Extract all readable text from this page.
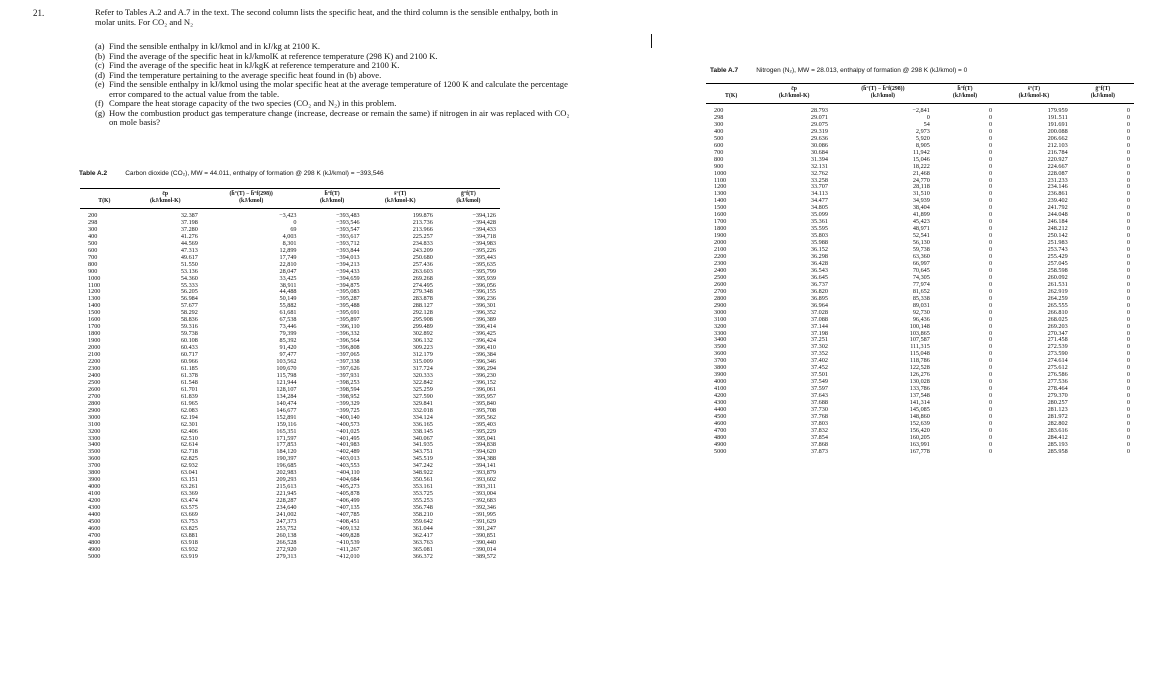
21.	Refer to Tables A.2 and A.7 in the text. The second column lists the specific heat, and the third column is the sensible enthalpy, both in molar units. For CO₂ and N₂
(a) Find the sensible enthalpy in kJ/kmol and in kJ/kg at 2100 K.
(b) Find the average of the specific heat in kJ/kmolK at reference temperature (298 K) and 2100 K.
(c) Find the average of the specific heat in kJ/kgK at reference temperature and 2100 K.
(d) Find the temperature pertaining to the average specific heat found in (b) above.
(e) Find the sensible enthalpy in kJ/kmol using the molar specific heat at the average temperature of 1200 K and calculate the percentage error compared to the actual value from the table.
(f) Compare the heat storage capacity of the two species (CO₂ and N₂) in this problem.
(g) How the combustion product gas temperature change (increase, decrease or remain the same) if nitrogen in air was replaced with CO₂ on mole basis?
Table A.2	Carbon dioxide (CO₂), MW = 44.011, enthalpy of formation @ 298 K (kJ/kmol) = −393,546
	c̄p	(h̄°(T) − h̄°f(298))	h̄°f(T)	s̄°(T)	ḡ°f(T)
T(K)	(kJ/kmol-K)	(kJ/kmol)	(kJ/kmol)	(kJ/kmol-K)	(kJ/kmol)
200	32.387	−3,423	−393,483	199.876	−394,126
298	37.198	0	−393,546	213.736	−394,428
300	37.280	69	−393,547	213.966	−394,433
400	41.276	4,003	−393,617	225.257	−394,718
500	44.569	8,301	−393,712	234.833	−394,983
600	47.313	12,899	−393,844	243.209	−395,226
700	49.617	17,749	−394,013	250.680	−395,443
800	51.550	22,810	−394,213	257.436	−395,635
900	53.136	28,047	−394,433	263.603	−395,799
1000	54.360	33,425	−394,659	269.268	−395,939
1100	55.333	38,911	−394,875	274.495	−396,056
1200	56.205	44,488	−395,083	279.348	−396,155
1300	56.984	50,149	−395,287	283.878	−396,236
1400	57.677	55,882	−395,488	288.127	−396,301
1500	58.292	61,681	−395,691	292.128	−396,352
1600	58.836	67,538	−395,897	295.908	−396,389
1700	59.316	73,446	−396,110	299.489	−396,414
1800	59.738	79,399	−396,332	302.892	−396,425
1900	60.108	85,392	−396,564	306.132	−396,424
2000	60.433	91,420	−396,808	309.223	−396,410
2100	60.717	97,477	−397,065	312.179	−396,384
2200	60.966	103,562	−397,338	315.009	−396,346
2300	61.185	109,670	−397,626	317.724	−396,294
2400	61.378	115,798	−397,931	320.333	−396,230
2500	61.548	121,944	−398,253	322.842	−396,152
2600	61.701	128,107	−398,594	325.259	−396,061
2700	61.839	134,284	−398,952	327.590	−395,957
2800	61.965	140,474	−399,329	329.841	−395,840
2900	62.083	146,677	−399,725	332.018	−395,708
3000	62.194	152,891	−400,140	334.124	−395,562
3100	62.301	159,116	−400,573	336.165	−395,403
3200	62.406	165,351	−401,025	338.145	−395,229
3300	62.510	171,597	−401,495	340.067	−395,041
3400	62.614	177,853	−401,983	341.935	−394,838
3500	62.718	184,120	−402,489	343.751	−394,620
3600	62.825	190,397	−403,013	345.519	−394,388
3700	62.932	196,685	−403,553	347.242	−394,141
3800	63.041	202,983	−404,110	348.922	−393,879
3900	63.151	209,293	−404,684	350.561	−393,602
4000	63.261	215,613	−405,273	353.161	−393,311
4100	63.369	221,945	−405,878	353.725	−393,004
4200	63.474	228,287	−406,499	355.253	−392,683
4300	63.575	234,640	−407,135	356.748	−392,346
4400	63.669	241,002	−407,785	358.210	−391,995
4500	63.753	247,373	−408,451	359.642	−391,629
4600	63.825	253,752	−409,132	361.044	−391,247
4700	63.881	260,138	−409,828	362.417	−390,851
4800	63.918	266,528	−410,539	363.763	−390,440
4900	63.932	272,920	−411,267	365.081	−390,014
5000	63.919	279,313	−412,010	366.372	−389,572
Table A.7	Nitrogen (N₂), MW = 28.013, enthalpy of formation @ 298 K (kJ/kmol) = 0
	c̄p	(h̄°(T) − h̄°f(298))	h̄°f(T)	s̄°(T)	ḡ°f(T)
T(K)	(kJ/kmol-K)	(kJ/kmol)	(kJ/kmol)	(kJ/kmol-K)	(kJ/kmol)
200	28.793	−2,841	0	179.959	0
298	29.071	0	0	191.511	0
300	29.075	54	0	191.691	0
400	29.319	2,973	0	200.088	0
500	29.636	5,920	0	206.662	0
600	30.086	8,905	0	212.103	0
700	30.684	11,942	0	216.784	0
800	31.394	15,046	0	220.927	0
900	32.131	18,222	0	224.667	0
1000	32.762	21,468	0	228.087	0
1100	33.258	24,770	0	231.233	0
1200	33.707	28,118	0	234.146	0
1300	34.113	31,510	0	236.861	0
1400	34.477	34,939	0	239.402	0
1500	34.805	38,404	0	241.792	0
1600	35.099	41,899	0	244.048	0
1700	35.361	45,423	0	246.184	0
1800	35.595	48,971	0	248.212	0
1900	35.803	52,541	0	250.142	0
2000	35.988	56,130	0	251.983	0
2100	36.152	59,738	0	253.743	0
2200	36.298	63,360	0	255.429	0
2300	36.428	66,997	0	257.045	0
2400	36.543	70,645	0	258.598	0
2500	36.645	74,305	0	260.092	0
2600	36.737	77,974	0	261.531	0
2700	36.820	81,652	0	262.919	0
2800	36.895	85,338	0	264.259	0
2900	36.964	89,031	0	265.555	0
3000	37.028	92,730	0	266.810	0
3100	37.088	96,436	0	268.025	0
3200	37.144	100,148	0	269.203	0
3300	37.198	103,865	0	270.347	0
3400	37.251	107,587	0	271.458	0
3500	37.302	111,315	0	272.539	0
3600	37.352	115,048	0	273.590	0
3700	37.402	118,786	0	274.614	0
3800	37.452	122,528	0	275.612	0
3900	37.501	126,276	0	276.586	0
4000	37.549	130,028	0	277.536	0
4100	37.597	133,786	0	278.464	0
4200	37.643	137,548	0	279.370	0
4300	37.688	141,314	0	280.257	0
4400	37.730	145,085	0	281.123	0
4500	37.768	148,860	0	281.972	0
4600	37.803	152,639	0	282.802	0
4700	37.832	156,420	0	283.616	0
4800	37.854	160,205	0	284.412	0
4900	37.868	163,991	0	285.193	0
5000	37.873	167,778	0	285.958	0
